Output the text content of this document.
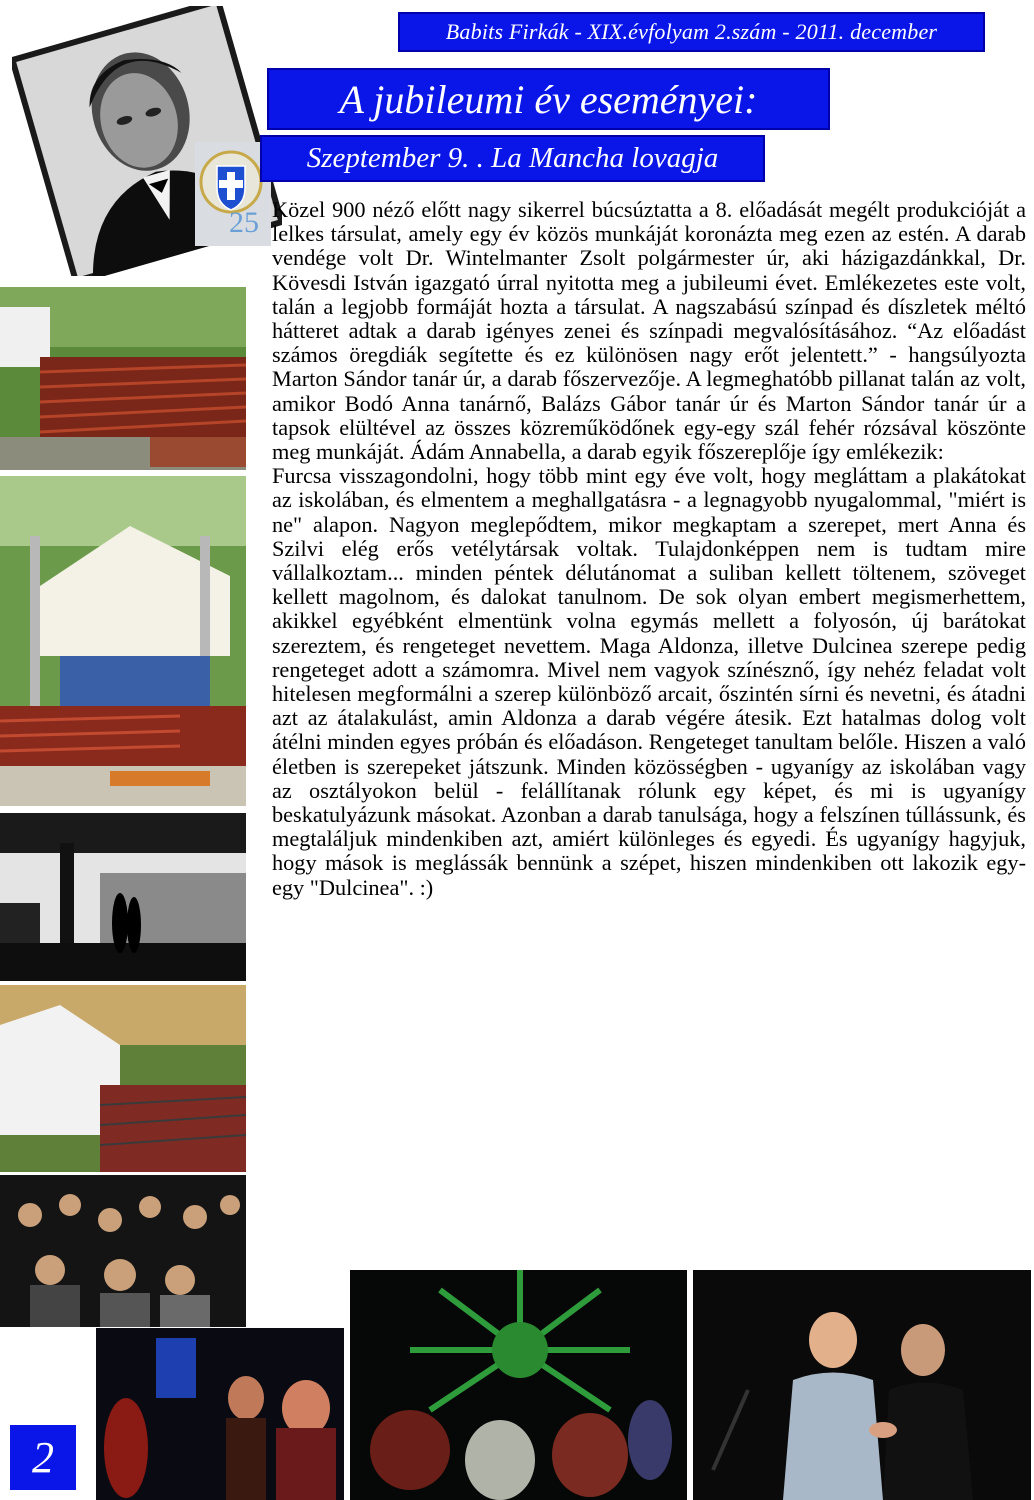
Babits Firkák - XIX.évfolyam 2.szám - 2011. december
25
A jubileumi év eseményei:
Szeptember 9. . La Mancha lovagja

Közel 900 néző előtt nagy sikerrel búcsúztatta a 8. előadását megélt produkcióját a lelkes társulat, amely egy év közös munkáját koronázta meg ezen az estén. A darab vendége volt Dr. Wintelmanter Zsolt polgármester úr, aki házigazdánkkal, Dr. Kövesdi István igazgató úrral nyitotta meg a jubileumi évet. Emlékezetes este volt, talán a legjobb formáját hozta a társulat. A nagszabású színpad és díszletek méltó hátteret adtak a darab igényes zenei és színpadi megvalósításához. “Az előadást számos öregdiák segítette és ez különösen nagy erőt jelentett.” - hangsúlyozta Marton Sándor tanár úr, a darab főszervezője. A legmeghatóbb pillanat talán az volt, amikor Bodó Anna tanárnő, Balázs Gábor tanár úr és Marton Sándor tanár úr a tapsok elültével az összes közreműködőnek egy-egy szál fehér rózsával köszönte meg munkáját. Ádám Annabella, a darab egyik főszereplője így emlékezik:

Furcsa visszagondolni, hogy több mint egy éve volt, hogy megláttam a plakátokat az iskolában, és elmentem a meghallgatásra - a legnagyobb nyugalommal, "miért is ne" alapon. Nagyon meglepődtem, mikor megkaptam a szerepet, mert Anna és Szilvi elég erős vetélytársak voltak. Tulajdonképpen nem is tudtam mire vállalkoztam... minden péntek délutánomat a suliban kellett töltenem, szöveget kellett magolnom, és dalokat tanulnom. De sok olyan embert megismerhettem, akikkel egyébként elmentünk volna egymás mellett a folyosón, új barátokat szereztem, és rengeteget nevettem. Maga Aldonza, illetve Dulcinea szerepe pedig rengeteget adott a számomra. Mivel nem vagyok színésznő, így nehéz feladat volt hitelesen megformálni a szerep különböző arcait, őszintén sírni és nevetni, és átadni azt az átalakulást, amin Aldonza a darab végére átesik. Ezt hatalmas dolog volt átélni minden egyes próbán és előadáson. Rengeteget tanultam belőle. Hiszen a való életben is szerepeket játszunk. Minden közösségben - ugyanígy az iskolában vagy az osztályokon belül - felállítanak rólunk egy képet, és mi is ugyanígy beskatulyázunk másokat. Azonban a darab tanulsága, hogy a felszínen túllássunk, és megtaláljuk mindenkiben azt, amiért különleges és egyedi. És ugyanígy hagyjuk, hogy mások is meglássák bennünk a szépet, hiszen mindenkiben ott lakozik egy-egy "Dulcinea". :)

2
